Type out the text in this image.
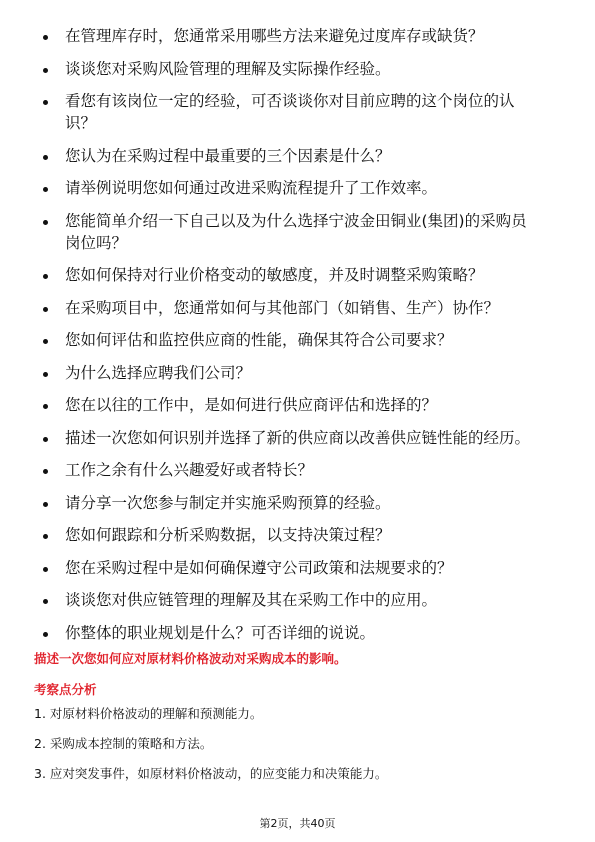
在管理库存时，您通常采用哪些方法来避免过度库存或缺货？
谈谈您对采购风险管理的理解及实际操作经验。
看您有该岗位一定的经验，可否谈谈你对目前应聘的这个岗位的认识？
您认为在采购过程中最重要的三个因素是什么？
请举例说明您如何通过改进采购流程提升了工作效率。
您能简单介绍一下自己以及为什么选择宁波金田铜业(集团)的采购员岗位吗？
您如何保持对行业价格变动的敏感度，并及时调整采购策略？
在采购项目中，您通常如何与其他部门（如销售、生产）协作？
您如何评估和监控供应商的性能，确保其符合公司要求？
为什么选择应聘我们公司？
您在以往的工作中，是如何进行供应商评估和选择的？
描述一次您如何识别并选择了新的供应商以改善供应链性能的经历。
工作之余有什么兴趣爱好或者特长？
请分享一次您参与制定并实施采购预算的经验。
您如何跟踪和分析采购数据，以支持决策过程？
您在采购过程中是如何确保遵守公司政策和法规要求的？
谈谈您对供应链管理的理解及其在采购工作中的应用。
你整体的职业规划是什么？可否详细的说说。
描述一次您如何应对原材料价格波动对采购成本的影响。
考察点分析
1. 对原材料价格波动的理解和预测能力。
2. 采购成本控制的策略和方法。
3. 应对突发事件，如原材料价格波动，的应变能力和决策能力。
第2页，共40页
